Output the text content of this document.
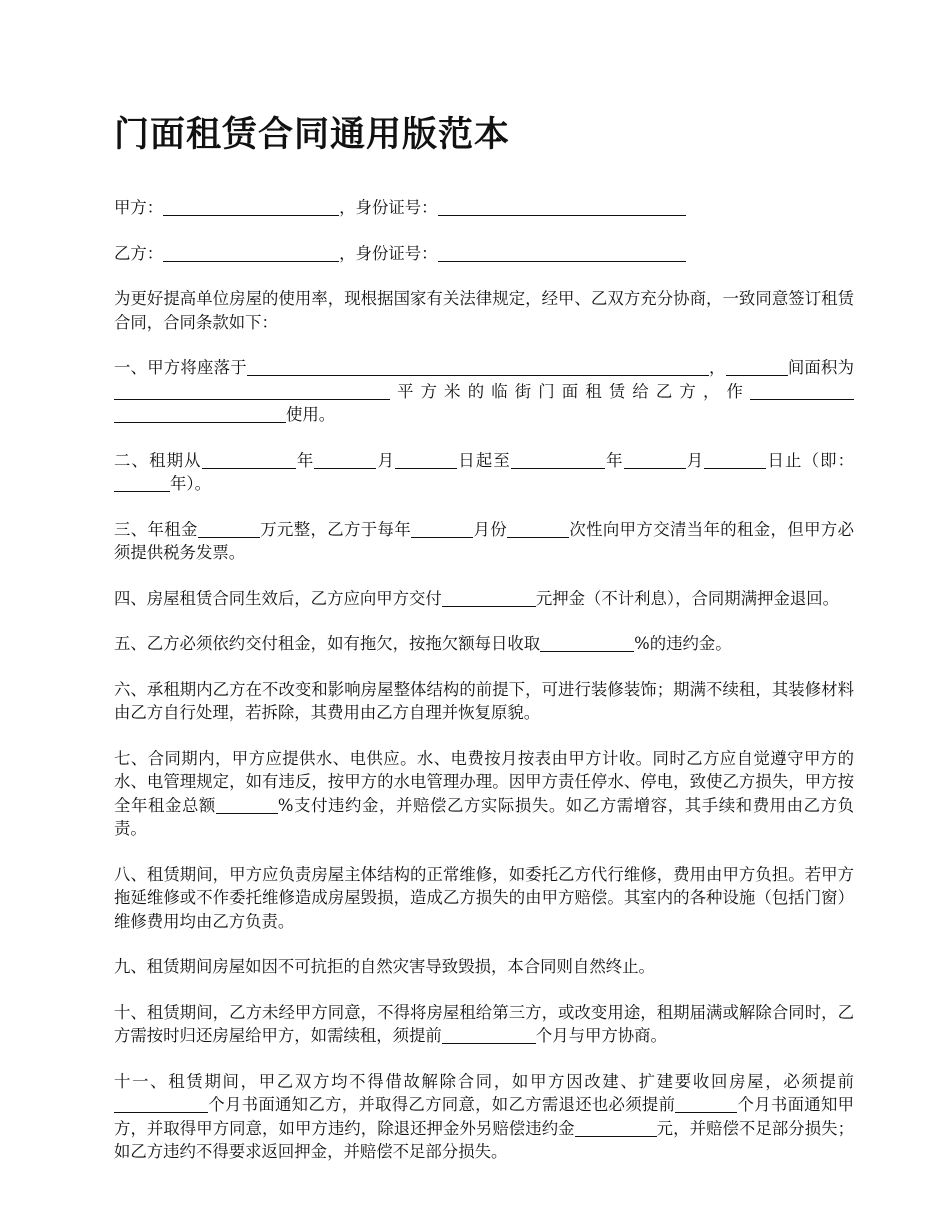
门面租赁合同通用版范本

甲方：	，身份证号：

乙方：	，身份证号：

为更好提高单位房屋的使用率，现根据国家有关法律规定，经甲、乙双方充分协商，一致同意签订租赁合同，合同条款如下：

一、甲方将座落于	，	间面积为平方米的临街门面租赁给乙方，作使用。

二、租期从	年	月	日起至	年	月	日止（即：年）。

三、年租金	万元整，乙方于每年	月份	次性向甲方交清当年的租金，但甲方必须提供税务发票。

四、房屋租赁合同生效后，乙方应向甲方交付	元押金（不计利息），合同期满押金退回。

五、乙方必须依约交付租金，如有拖欠，按拖欠额每日收取	%的违约金。

六、承租期内乙方在不改变和影响房屋整体结构的前提下，可进行装修装饰；期满不续租，其装修材料由乙方自行处理，若拆除，其费用由乙方自理并恢复原貌。

七、合同期内，甲方应提供水、电供应。水、电费按月按表由甲方计收。同时乙方应自觉遵守甲方的水、电管理规定，如有违反，按甲方的水电管理办理。因甲方责任停水、停电，致使乙方损失，甲方按全年租金总额	%支付违约金，并赔偿乙方实际损失。如乙方需增容，其手续和费用由乙方负责。

八、租赁期间，甲方应负责房屋主体结构的正常维修，如委托乙方代行维修，费用由甲方负担。若甲方拖延维修或不作委托维修造成房屋毁损，造成乙方损失的由甲方赔偿。其室内的各种设施（包括门窗）维修费用均由乙方负责。

九、租赁期间房屋如因不可抗拒的自然灾害导致毁损，本合同则自然终止。

十、租赁期间，乙方未经甲方同意，不得将房屋租给第三方，或改变用途，租期届满或解除合同时，乙方需按时归还房屋给甲方，如需续租，须提前	个月与甲方协商。

十一、租赁期间，甲乙双方均不得借故解除合同，如甲方因改建、扩建要收回房屋，必须提前个月书面通知乙方，并取得乙方同意，如乙方需退还也必须提前	个月书面通知甲方，并取得甲方同意，如甲方违约，除退还押金外另赔偿违约金	元，并赔偿不足部分损失；如乙方违约不得要求返回押金，并赔偿不足部分损失。
